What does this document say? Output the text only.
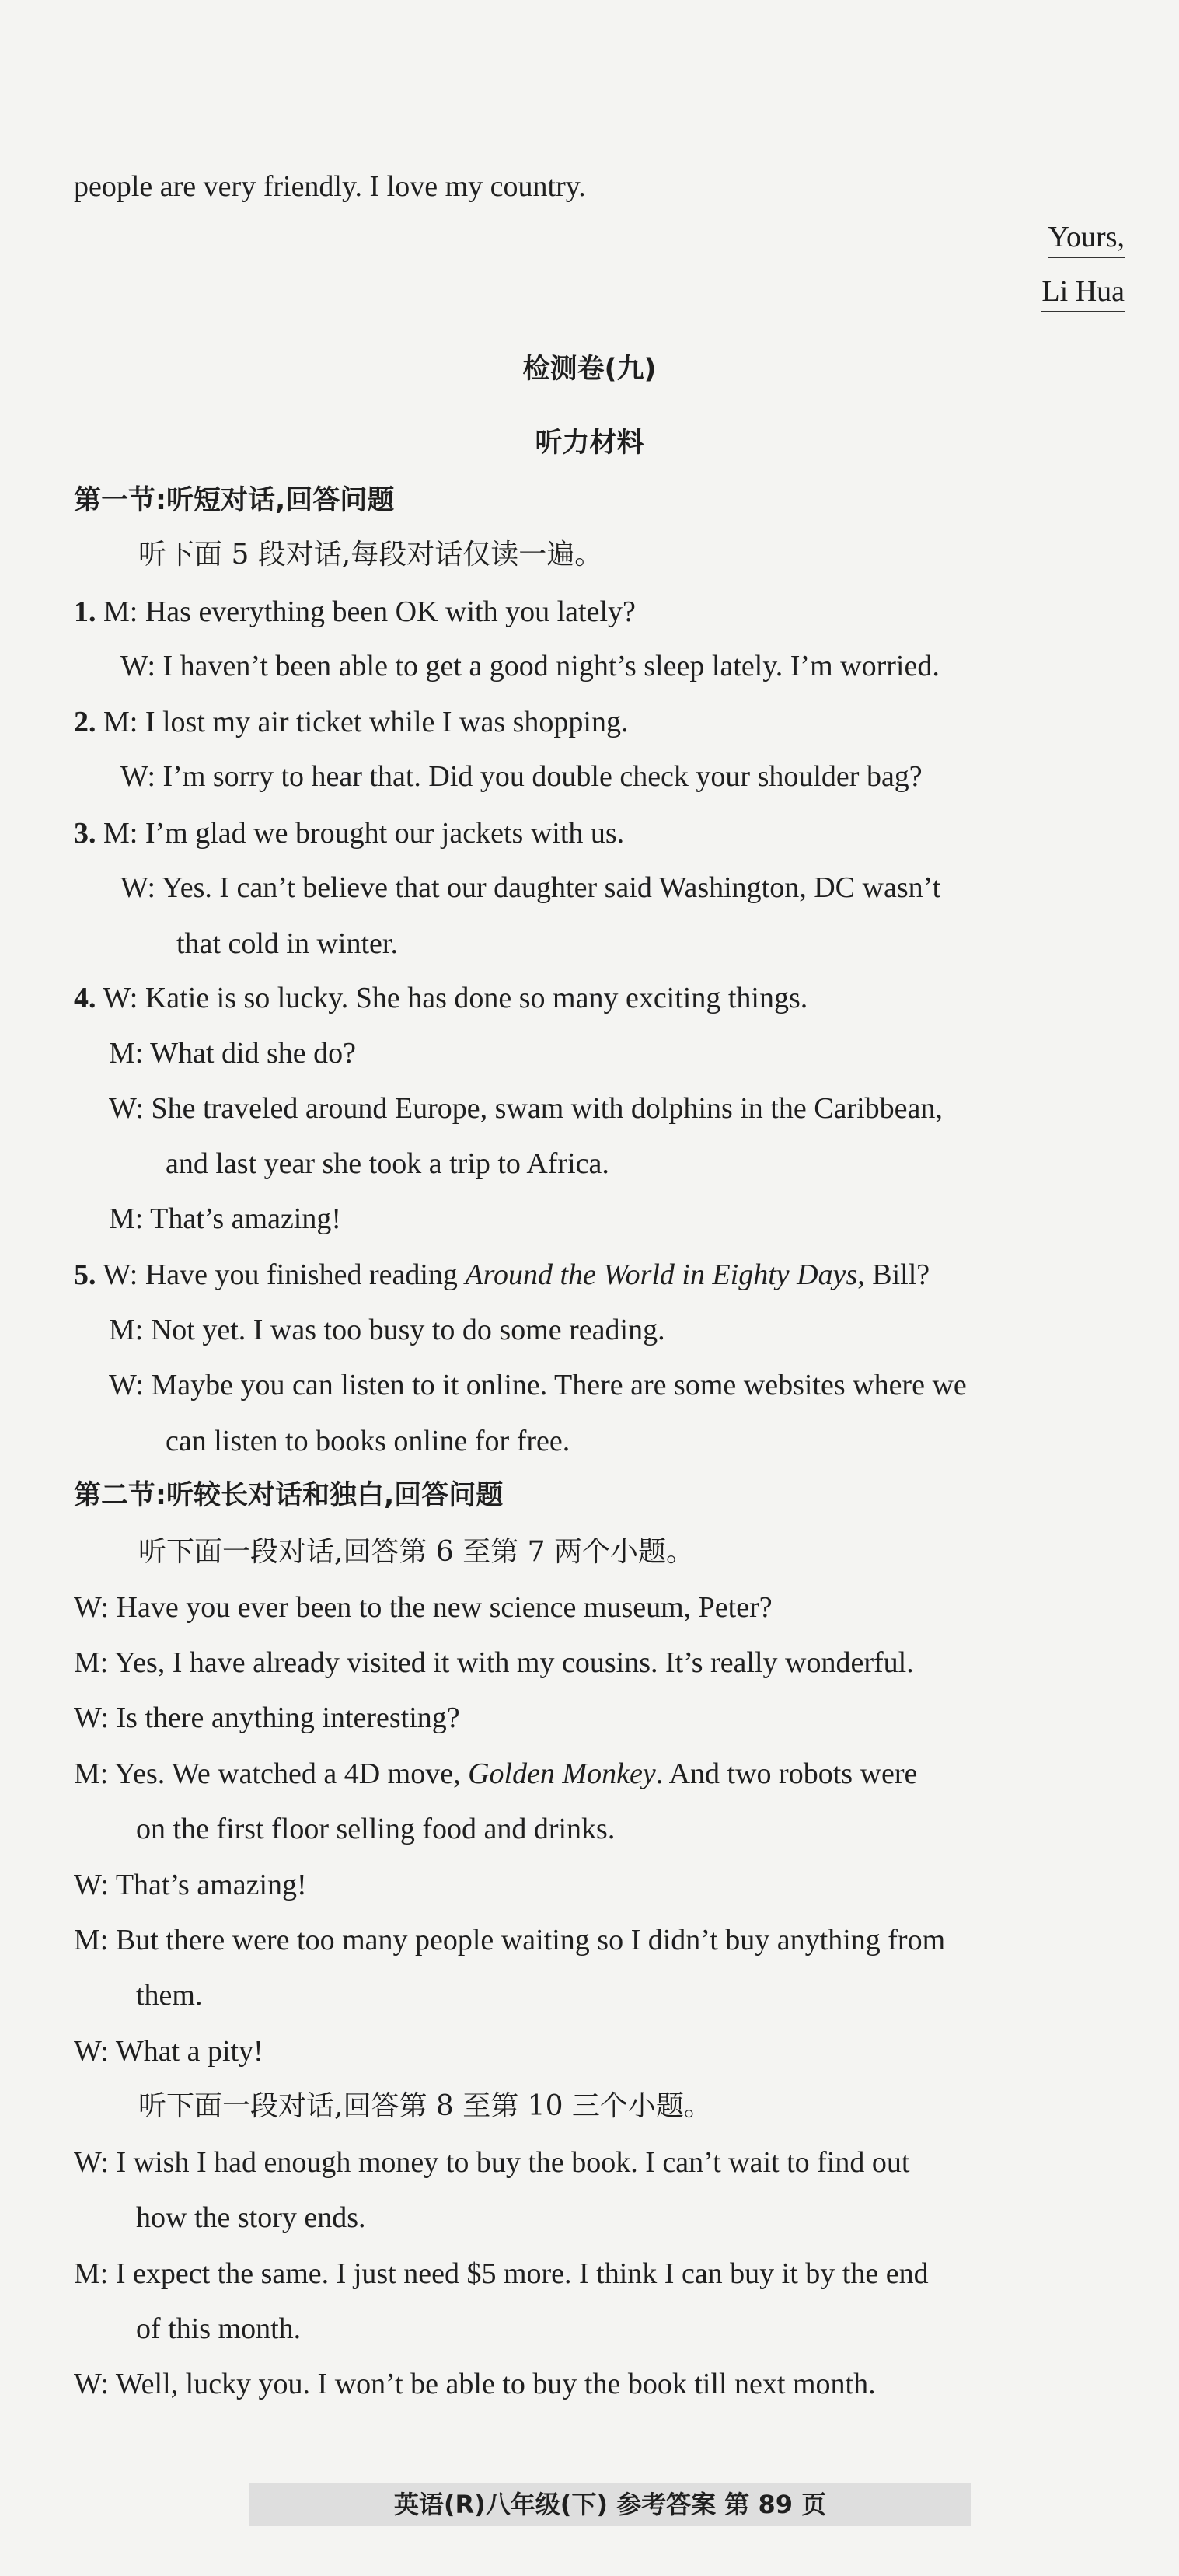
people are very friendly. I love my country.
Yours,
Li Hua
检测卷(九)
听力材料
第一节:听短对话,回答问题
听下面 5 段对话,每段对话仅读一遍。
1. M: Has everything been OK with you lately?
W: I haven’t been able to get a good night’s sleep lately. I’m worried.
2. M: I lost my air ticket while I was shopping.
W: I’m sorry to hear that. Did you double check your shoulder bag?
3. M: I’m glad we brought our jackets with us.
W: Yes. I can’t believe that our daughter said Washington, DC wasn’t
that cold in winter.
4. W: Katie is so lucky. She has done so many exciting things.
M: What did she do?
W: She traveled around Europe, swam with dolphins in the Caribbean,
and last year she took a trip to Africa.
M: That’s amazing!
5. W: Have you finished reading Around the World in Eighty Days, Bill?
M: Not yet. I was too busy to do some reading.
W: Maybe you can listen to it online. There are some websites where we
can listen to books online for free.
第二节:听较长对话和独白,回答问题
听下面一段对话,回答第 6 至第 7 两个小题。
W: Have you ever been to the new science museum, Peter?
M: Yes, I have already visited it with my cousins. It’s really wonderful.
W: Is there anything interesting?
M: Yes. We watched a 4D move, Golden Monkey. And two robots were
on the first floor selling food and drinks.
W: That’s amazing!
M: But there were too many people waiting so I didn’t buy anything from
them.
W: What a pity!
听下面一段对话,回答第 8 至第 10 三个小题。
W: I wish I had enough money to buy the book. I can’t wait to find out
how the story ends.
M: I expect the same. I just need $5 more. I think I can buy it by the end
of this month.
W: Well, lucky you. I won’t be able to buy the book till next month.
英语(R)八年级(下) 参考答案 第 89 页
